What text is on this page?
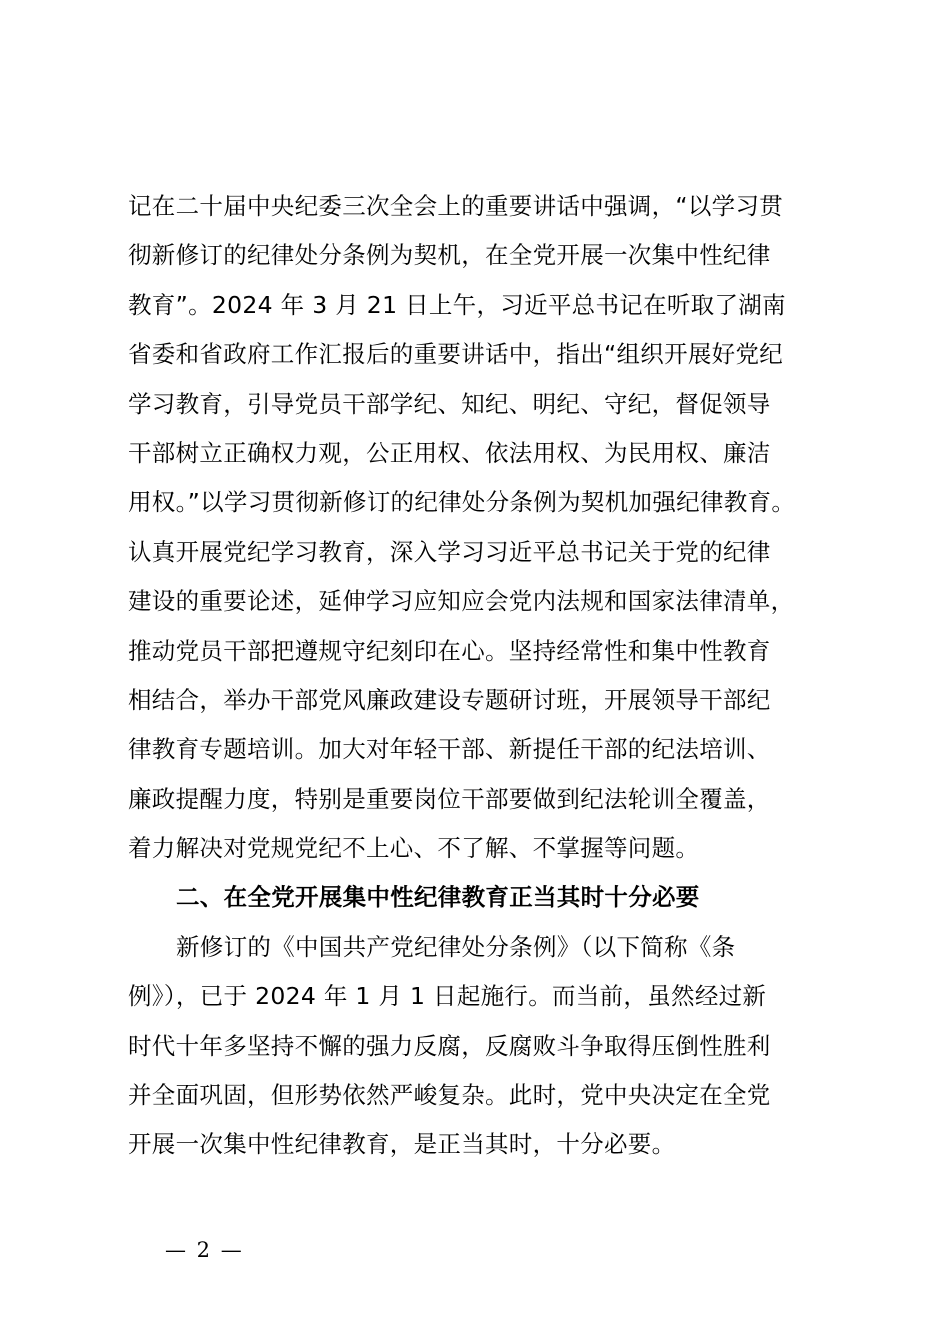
记在二十届中央纪委三次全会上的重要讲话中强调，“以学习贯
彻新修订的纪律处分条例为契机，在全党开展一次集中性纪律
教育”。2024 年 3 月 21 日上午，习近平总书记在听取了湖南
省委和省政府工作汇报后的重要讲话中，指出“组织开展好党纪
学习教育，引导党员干部学纪、知纪、明纪、守纪，督促领导
干部树立正确权力观，公正用权、依法用权、为民用权、廉洁
用权。”以学习贯彻新修订的纪律处分条例为契机加强纪律教育。
认真开展党纪学习教育，深入学习习近平总书记关于党的纪律
建设的重要论述，延伸学习应知应会党内法规和国家法律清单，
推动党员干部把遵规守纪刻印在心。坚持经常性和集中性教育
相结合，举办干部党风廉政建设专题研讨班，开展领导干部纪
律教育专题培训。加大对年轻干部、新提任干部的纪法培训、
廉政提醒力度，特别是重要岗位干部要做到纪法轮训全覆盖，
着力解决对党规党纪不上心、不了解、不掌握等问题。
二、在全党开展集中性纪律教育正当其时十分必要
新修订的《中国共产党纪律处分条例》（以下简称《条
例》），已于 2024 年 1 月 1 日起施行。而当前，虽然经过新
时代十年多坚持不懈的强力反腐，反腐败斗争取得压倒性胜利
并全面巩固，但形势依然严峻复杂。此时，党中央决定在全党
开展一次集中性纪律教育，是正当其时，十分必要。
— 2 —
